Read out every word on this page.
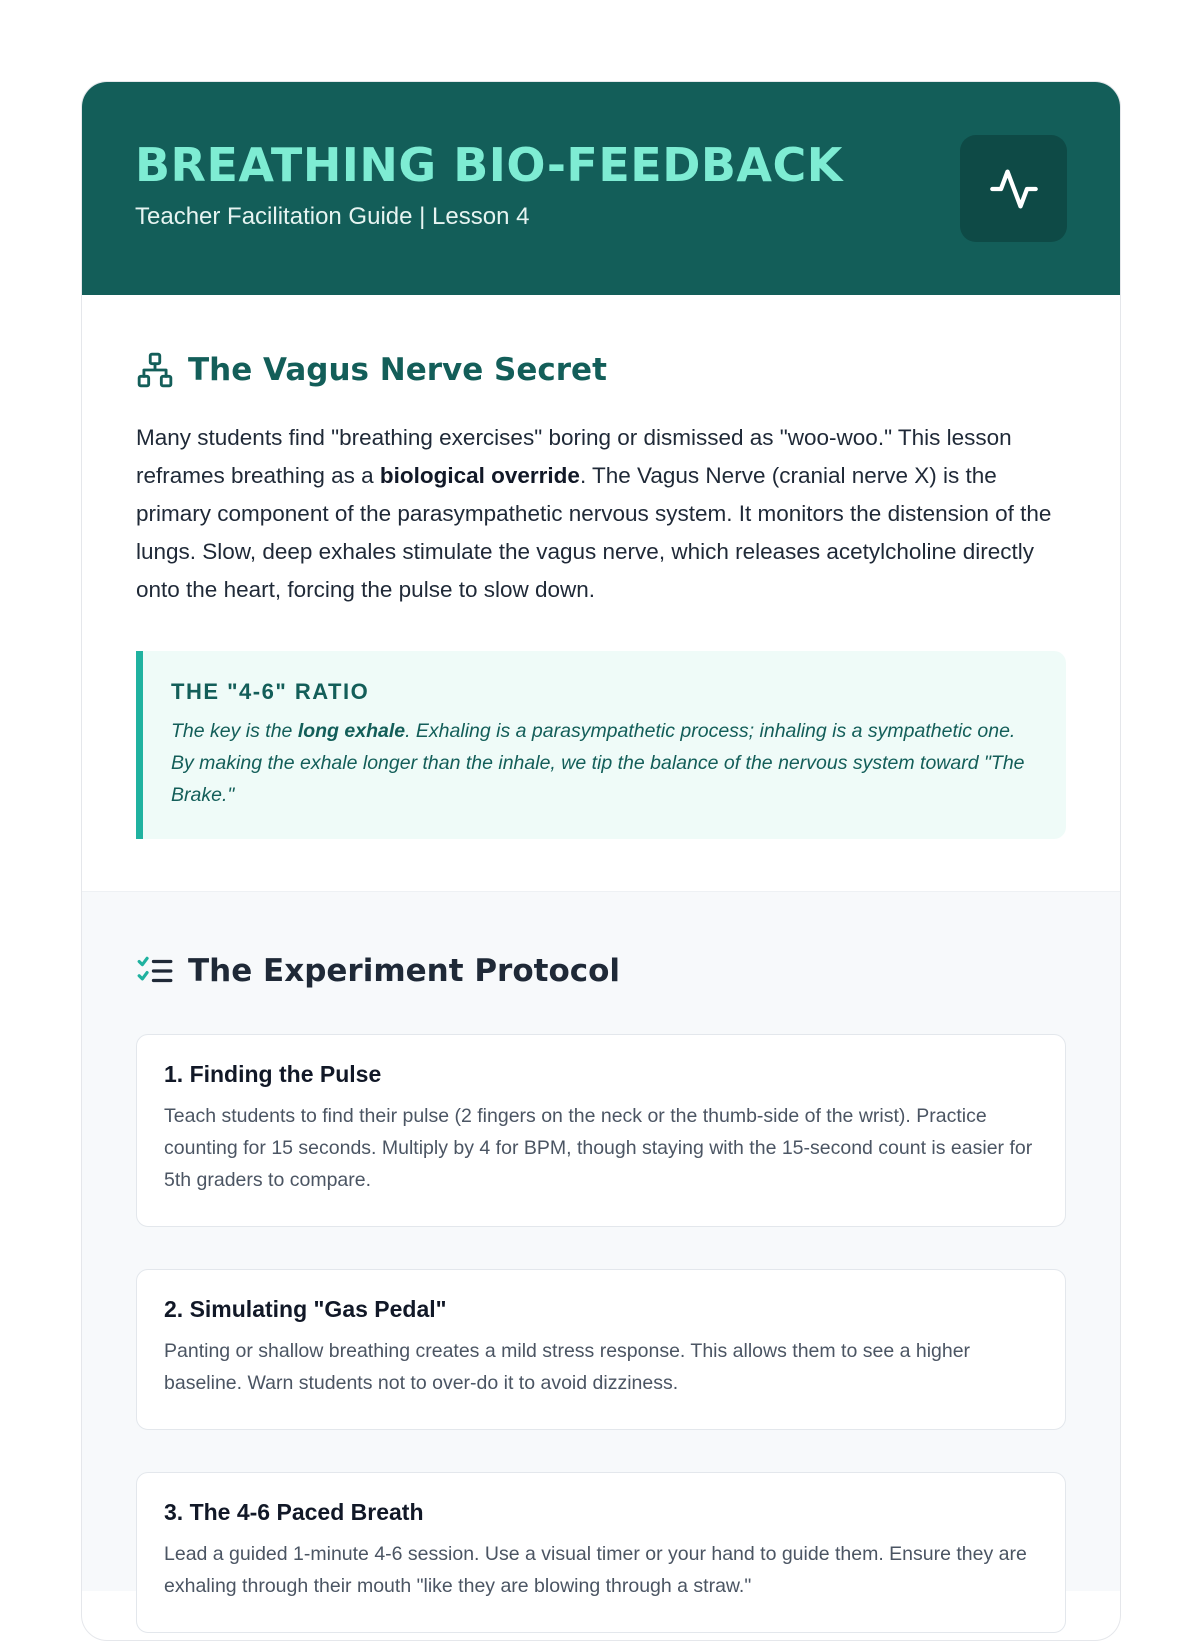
BREATHING BIO-FEEDBACK
Teacher Facilitation Guide | Lesson 4
The Vagus Nerve Secret

Many students find "breathing exercises" boring or dismissed as "woo-woo." This lesson reframes breathing as a biological override. The Vagus Nerve (cranial nerve X) is the primary component of the parasympathetic nervous system. It monitors the distension of the lungs. Slow, deep exhales stimulate the vagus nerve, which releases acetylcholine directly onto the heart, forcing the pulse to slow down.

THE "4-6" RATIO

The key is the long exhale. Exhaling is a parasympathetic process; inhaling is a sympathetic one. By making the exhale longer than the inhale, we tip the balance of the nervous system toward "The Brake."

The Experiment Protocol
1. Finding the Pulse

Teach students to find their pulse (2 fingers on the neck or the thumb-side of the wrist). Practice counting for 15 seconds. Multiply by 4 for BPM, though staying with the 15-second count is easier for 5th graders to compare.

2. Simulating "Gas Pedal"

Panting or shallow breathing creates a mild stress response. This allows them to see a higher baseline. Warn students not to over-do it to avoid dizziness.

3. The 4-6 Paced Breath

Lead a guided 1-minute 4-6 session. Use a visual timer or your hand to guide them. Ensure they are exhaling through their mouth "like they are blowing through a straw."
